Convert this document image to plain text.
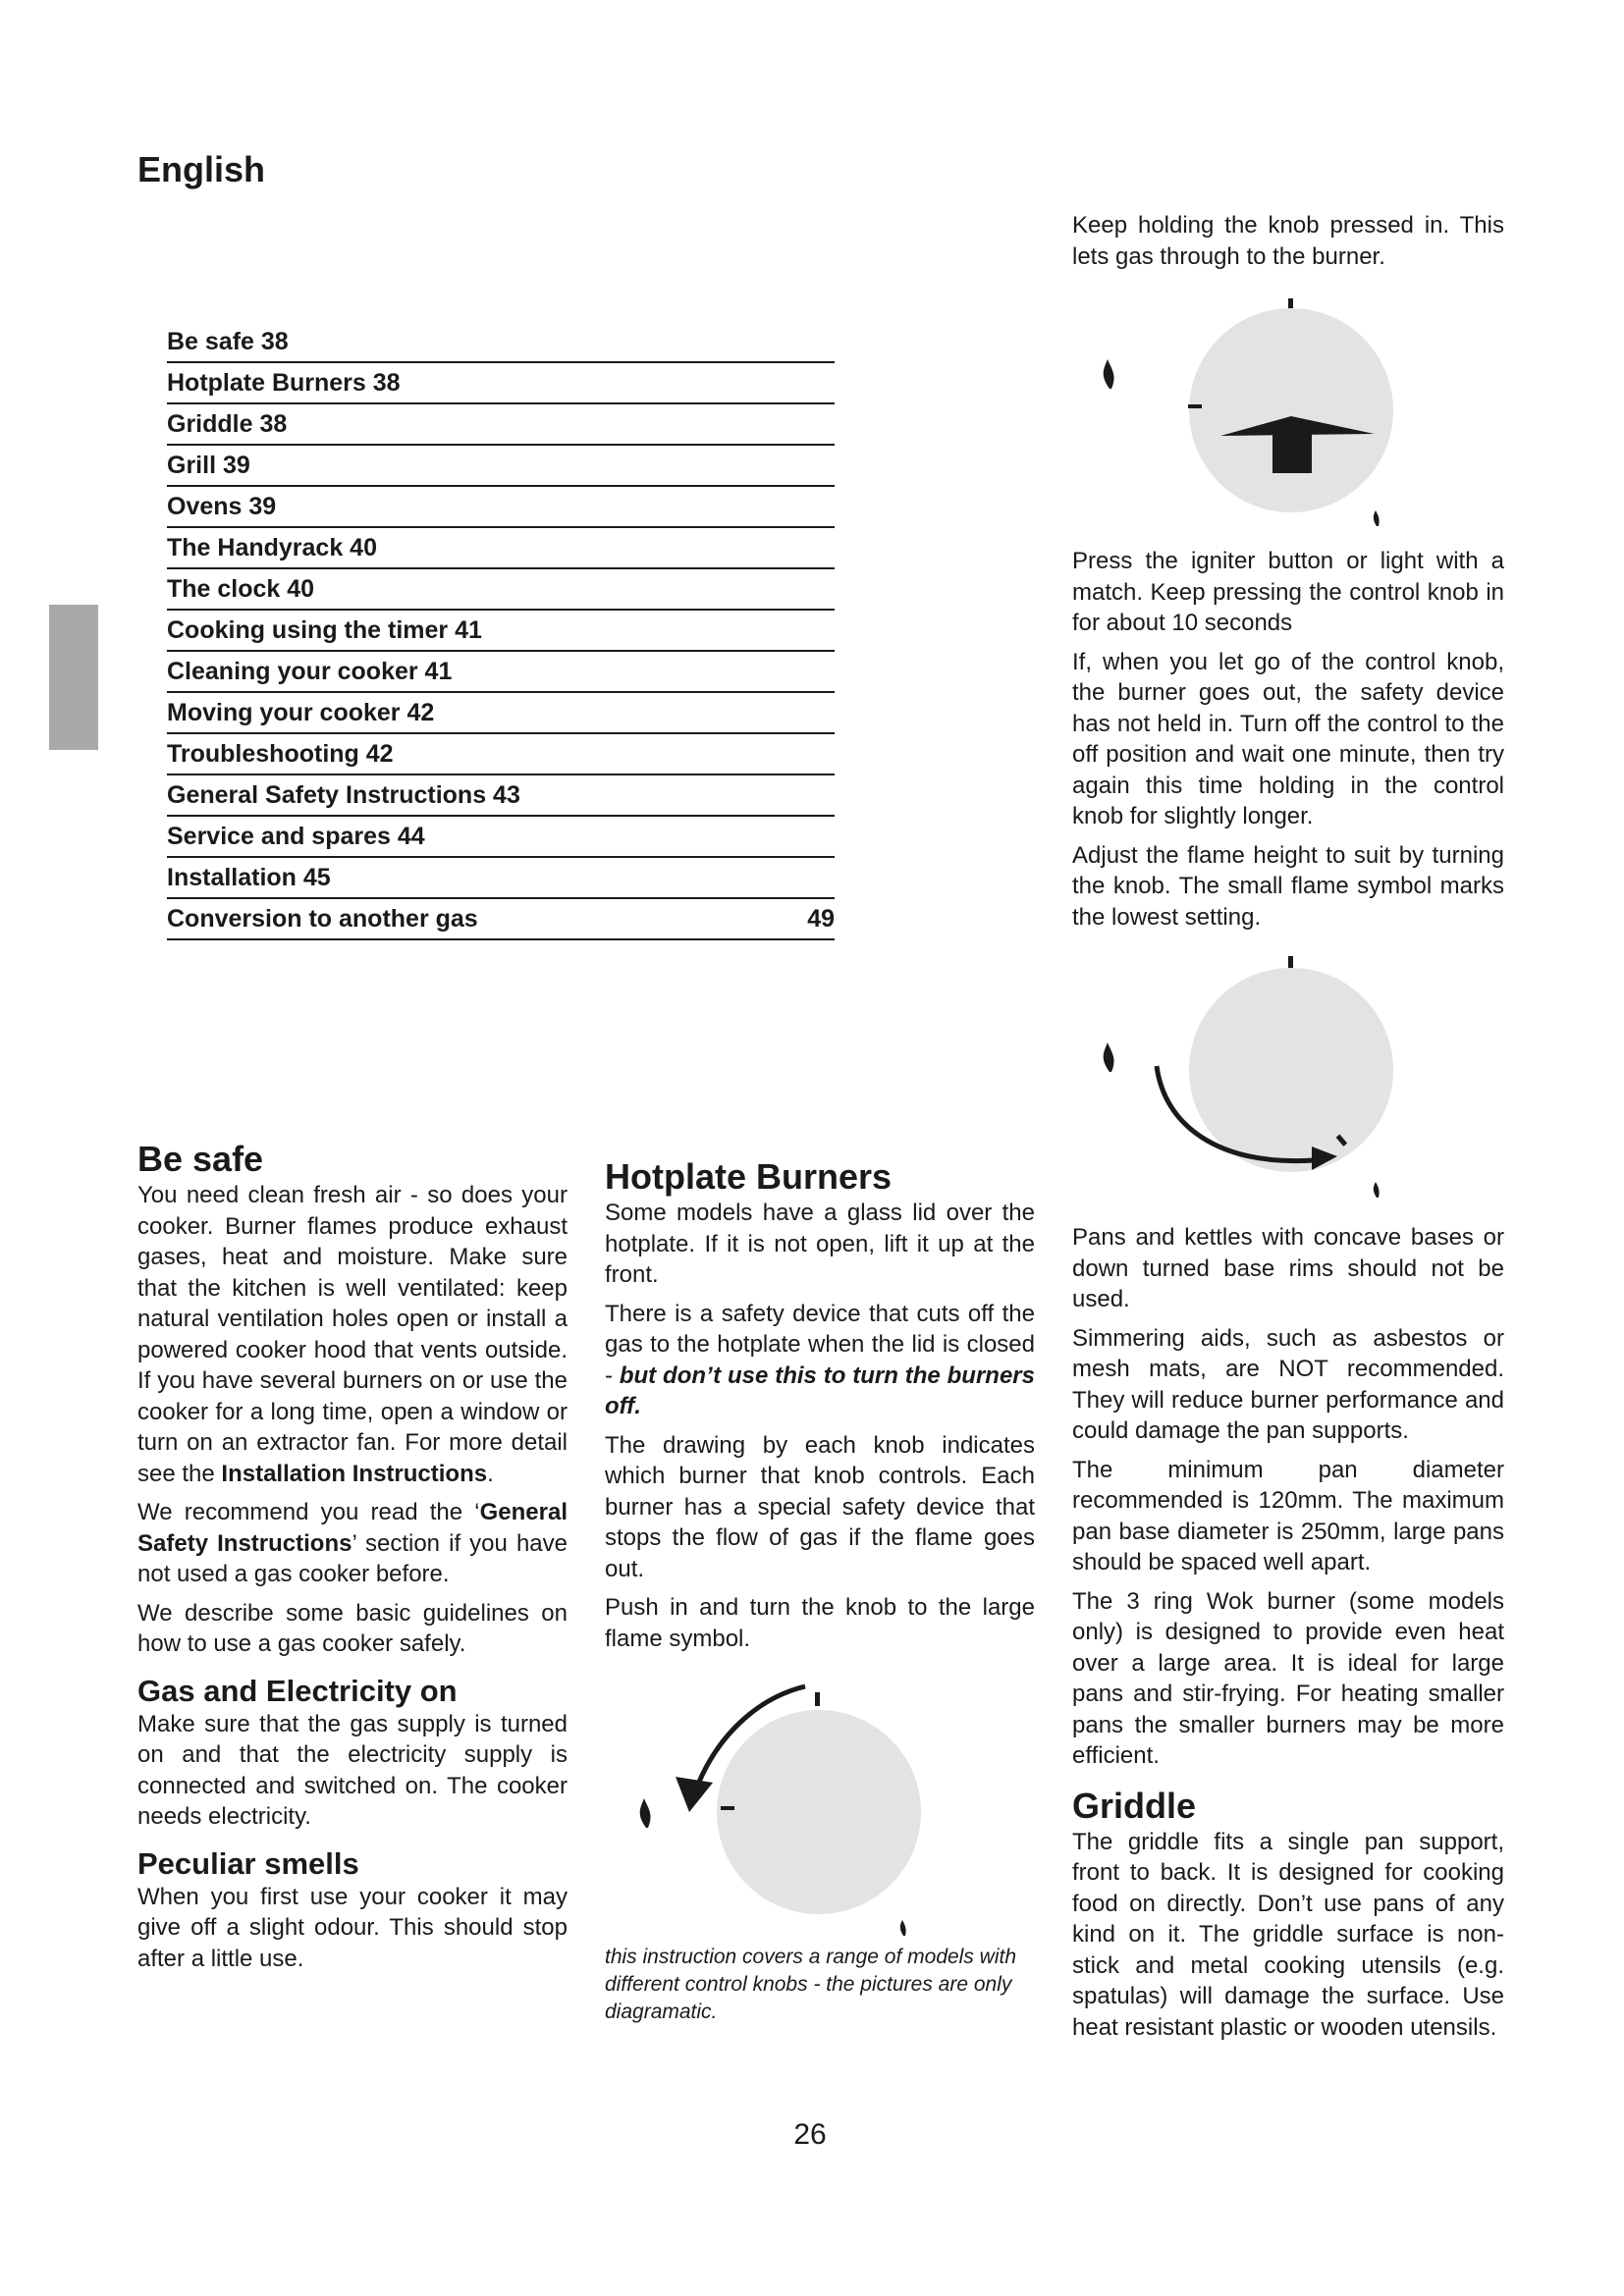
English
Be safe 38
Hotplate Burners 38
Griddle 38
Grill 39
Ovens 39
The Handyrack 40
The clock 40
Cooking using the timer 41
Cleaning your cooker 41
Moving your cooker 42
Troubleshooting 42
General Safety Instructions 43
Service and spares 44
Installation 45
Conversion to another gas	49
Be safe

You need clean fresh air - so does your cooker. Burner flames produce exhaust gases, heat and moisture. Make sure that the kitchen is well ventilated: keep natural ventilation holes open or install a powered cooker hood that vents outside. If you have several burners on or use the cooker for a long time, open a window or turn on an extractor fan. For more detail see the Installation Instructions.

We recommend you read the ‘General Safety Instructions’ section if you have not used a gas cooker before.

We describe some basic guidelines on how to use a gas cooker safely.

Gas and Electricity on

Make sure that the gas supply is turned on and that the electricity supply is connected and switched on. The cooker needs electricity.

Peculiar smells

When you first use your cooker it may give off a slight odour. This should stop after a little use.

Hotplate Burners

Some models have a glass lid over the hotplate. If it is not open, lift it up at the front.

There is a safety device that cuts off the gas to the hotplate when the lid is closed - but don’t use this to turn the burners off.

The drawing by each knob indicates which burner that knob controls. Each burner has a special safety device that stops the flow of gas if the flame goes out.

Push in and turn the knob to the large flame symbol.

this instruction covers a range of models with different control knobs - the pictures are only diagramatic.

Keep holding the knob pressed in. This lets gas through to the burner.

Press the igniter button or light with a match. Keep pressing the control knob in for about 10 seconds

If, when you let go of the control knob, the burner goes out, the safety device has not held in. Turn off the control to the off position and wait one minute, then try again this time holding in the control knob for slightly longer.

Adjust the flame height to suit by turning the knob. The small flame symbol marks the lowest setting.

Pans and kettles with concave bases or down turned base rims should not be used.

Simmering aids, such as asbestos or mesh mats, are NOT recommended. They will reduce burner performance and could damage the pan supports.

The minimum pan diameter recommended is 120mm. The maximum pan base diameter is 250mm, large pans should be spaced well apart.

The 3 ring Wok burner (some models only) is designed to provide even heat over a large area. It is ideal for large pans and stir-frying. For heating smaller pans the smaller burners may be more efficient.

Griddle

The griddle fits a single pan support, front to back. It is designed for cooking food on directly. Don’t use pans of any kind on it. The griddle surface is non-stick and metal cooking utensils (e.g. spatulas) will damage the surface. Use heat resistant plastic or wooden utensils.

26
